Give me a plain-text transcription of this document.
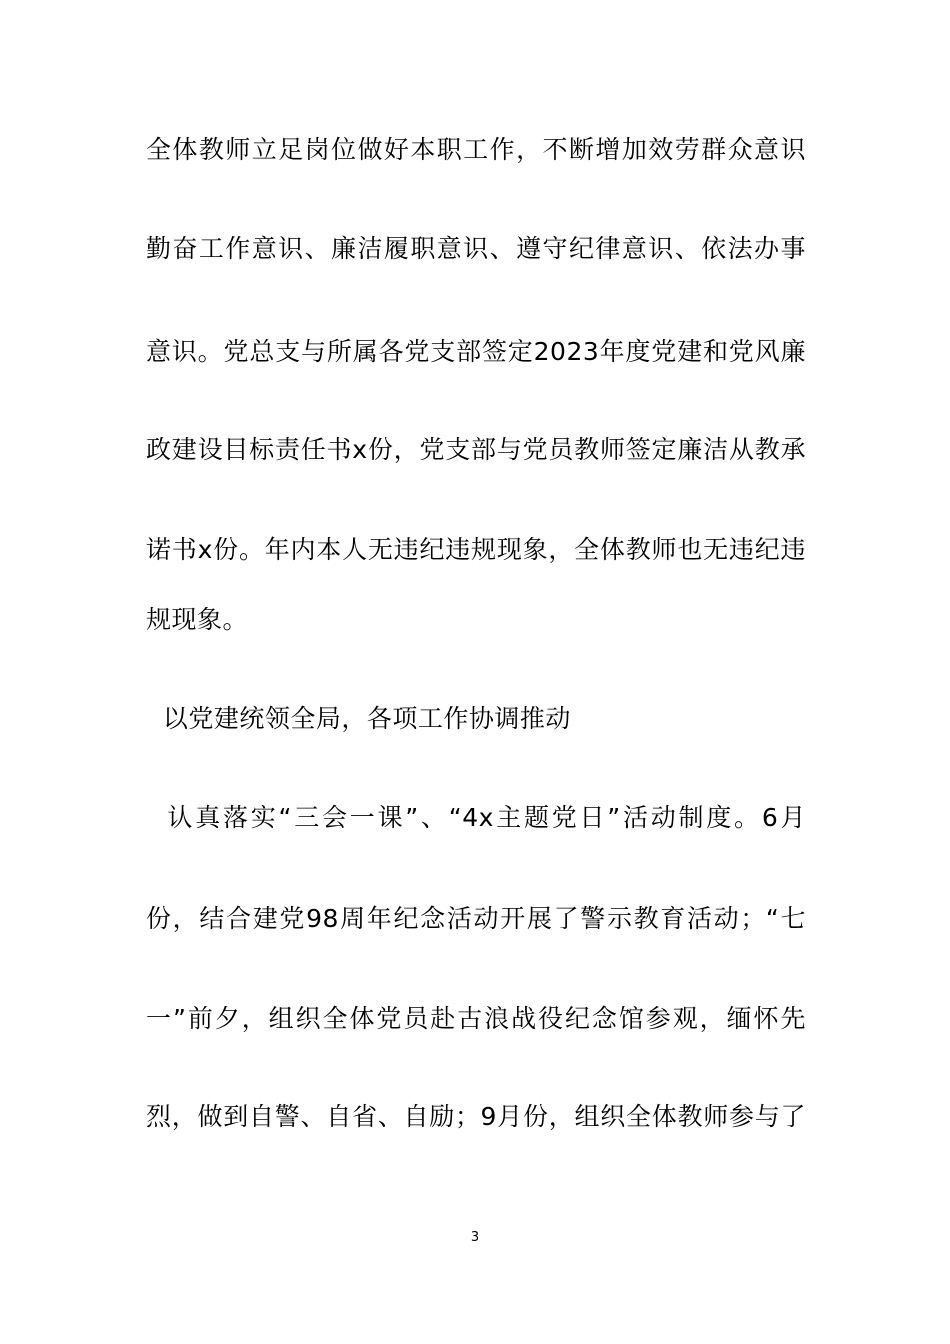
全体教师立足岗位做好本职工作，不断增加效劳群众意识
勤奋工作意识、廉洁履职意识、遵守纪律意识、依法办事
意识。党总支与所属各党支部签定2023年度党建和党风廉
政建设目标责任书x份，党支部与党员教师签定廉洁从教承
诺书x份。年内本人无违纪违规现象，全体教师也无违纪违
规现象。
以党建统领全局，各项工作协调推动
认真落实“三会一课”、“4x主题党日”活动制度。6月
份，结合建党98周年纪念活动开展了警示教育活动；“七
一”前夕，组织全体党员赴古浪战役纪念馆参观，缅怀先
烈，做到自警、自省、自励；9月份，组织全体教师参与了
3
